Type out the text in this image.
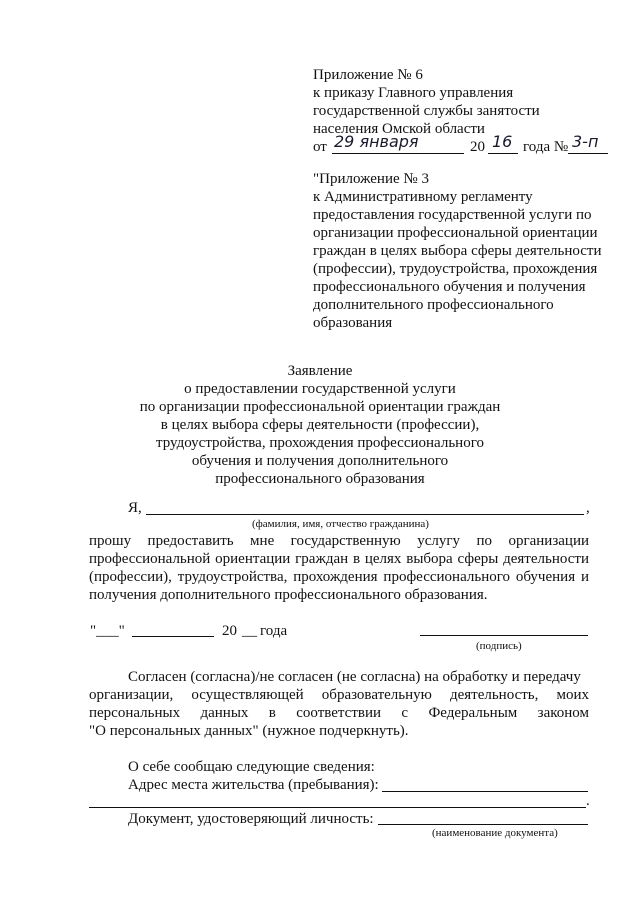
Приложение № 6
к приказу Главного управления
государственной службы занятости
населения Омской области
от 29 января	20 16 года № 3-п
"Приложение № 3
к Административному регламенту
предоставления государственной услуги по
организации профессиональной ориентации
граждан в целях выбора сферы деятельности
(профессии), трудоустройства, прохождения
профессионального обучения и получения
дополнительного профессионального
образования
Заявление
о предоставлении государственной услуги
по организации профессиональной ориентации граждан
в целях выбора сферы деятельности (профессии),
трудоустройства, прохождения профессионального
обучения и получения дополнительного
профессионального образования
Я,	,
(фамилия, имя, отчество гражданина)
прошу предоставить мне государственную услугу по организации
профессиональной ориентации граждан в целях выбора сферы деятельности
(профессии), трудоустройства, прохождения профессионального обучения и
получения дополнительного профессионального образования.
"___"	20 __ года
(подпись)
Согласен (согласна)/не согласен (не согласна) на обработку и передачу
организации, осуществляющей образовательную деятельность, моих
персональных данных в соответствии с Федеральным законом
"О персональных данных" (нужное подчеркнуть).
О себе сообщаю следующие сведения:
Адрес места жительства (пребывания):
.
Документ, удостоверяющий личность:
(наименование документа)
